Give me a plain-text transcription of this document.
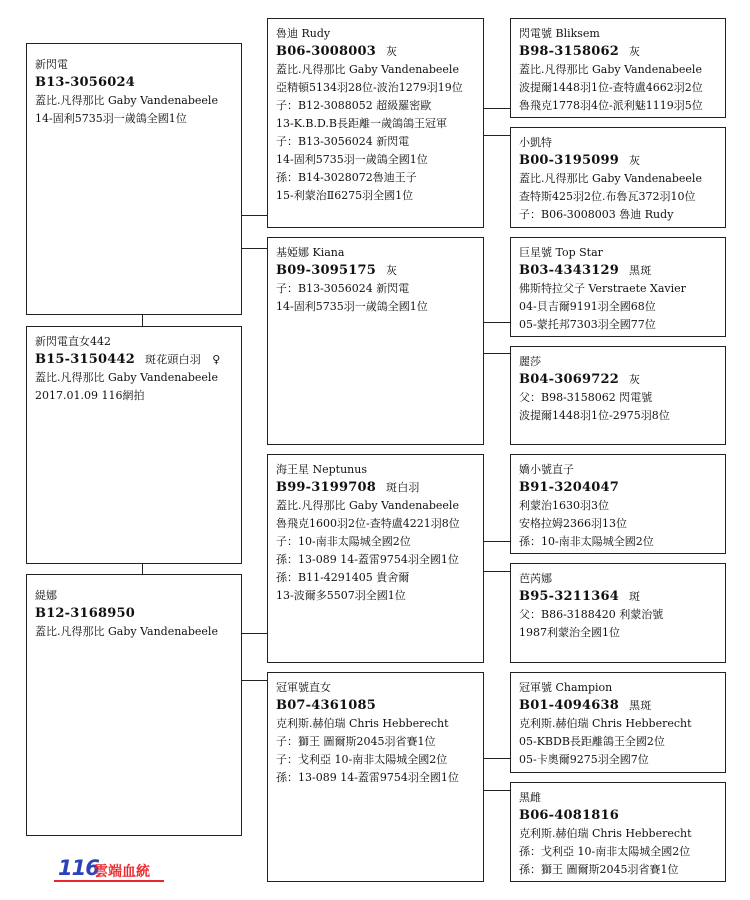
新閃電
B13-3056024
蓋比.凡得那比 Gaby Vandenabeele
14-固利5735羽一歲鴿全國1位
新閃電直女442
B15-3150442 斑花頭白羽　♀
蓋比.凡得那比 Gaby Vandenabeele
2017.01.09 116網拍
緹娜
B12-3168950
蓋比.凡得那比 Gaby Vandenabeele
魯迪 Rudy
B06-3008003 灰
蓋比.凡得那比 Gaby Vandenabeele
亞精頓5134羽28位-波治1279羽19位
子：B12-3088052 超級羅密歐
13-K.B.D.B長距離一歲鴿鴿王冠軍
子：B13-3056024 新閃電
14-固利5735羽一歲鴿全國1位
孫：B14-3028072魯迪王子
15-利蒙治Ⅱ6275羽全國1位
基婭娜 Kiana
B09-3095175 灰
子：B13-3056024 新閃電
14-固利5735羽一歲鴿全國1位
海王星 Neptunus
B99-3199708 斑白羽
蓋比.凡得那比 Gaby Vandenabeele
魯飛克1600羽2位-查特盧4221羽8位
子：10-南非太陽城全國2位
孫：13-089 14-蓋雷9754羽全國1位
孫：B11-4291405 貴舍爾
13-波爾多5507羽全國1位
冠軍號直女
B07-4361085
克利斯.赫伯瑞 Chris Hebberecht
子：獅王 圖爾斯2045羽省賽1位
子：戈利亞 10-南非太陽城全國2位
孫：13-089 14-蓋雷9754羽全國1位
閃電號 Bliksem
B98-3158062 灰
蓋比.凡得那比 Gaby Vandenabeele
波提爾1448羽1位-查特盧4662羽2位
魯飛克1778羽4位-派利魅1119羽5位
小凱特
B00-3195099 灰
蓋比.凡得那比 Gaby Vandenabeele
查特斯425羽2位.布魯瓦372羽10位
子：B06-3008003 魯迪 Rudy
巨星號 Top Star
B03-4343129 黑斑
佛斯特拉父子 Verstraete Xavier
04-貝吉爾9191羽全國68位
05-蒙托邦7303羽全國77位
麗莎
B04-3069722 灰
父：B98-3158062 閃電號
波提爾1448羽1位-2975羽8位
嬌小號直子
B91-3204047
利蒙治1630羽3位
安格拉姆2366羽13位
孫：10-南非太陽城全國2位
芭芮娜
B95-3211364 斑
父：B86-3188420 利蒙治號
1987利蒙治全國1位
冠軍號 Champion
B01-4094638 黑斑
克利斯.赫伯瑞 Chris Hebberecht
05-KBDB長距離鴿王全國2位
05-卡奧爾9275羽全國7位
黑雌
B06-4081816
克利斯.赫伯瑞 Chris Hebberecht
孫：戈利亞 10-南非太陽城全國2位
孫：獅王 圖爾斯2045羽省賽1位
116
雲端血統
